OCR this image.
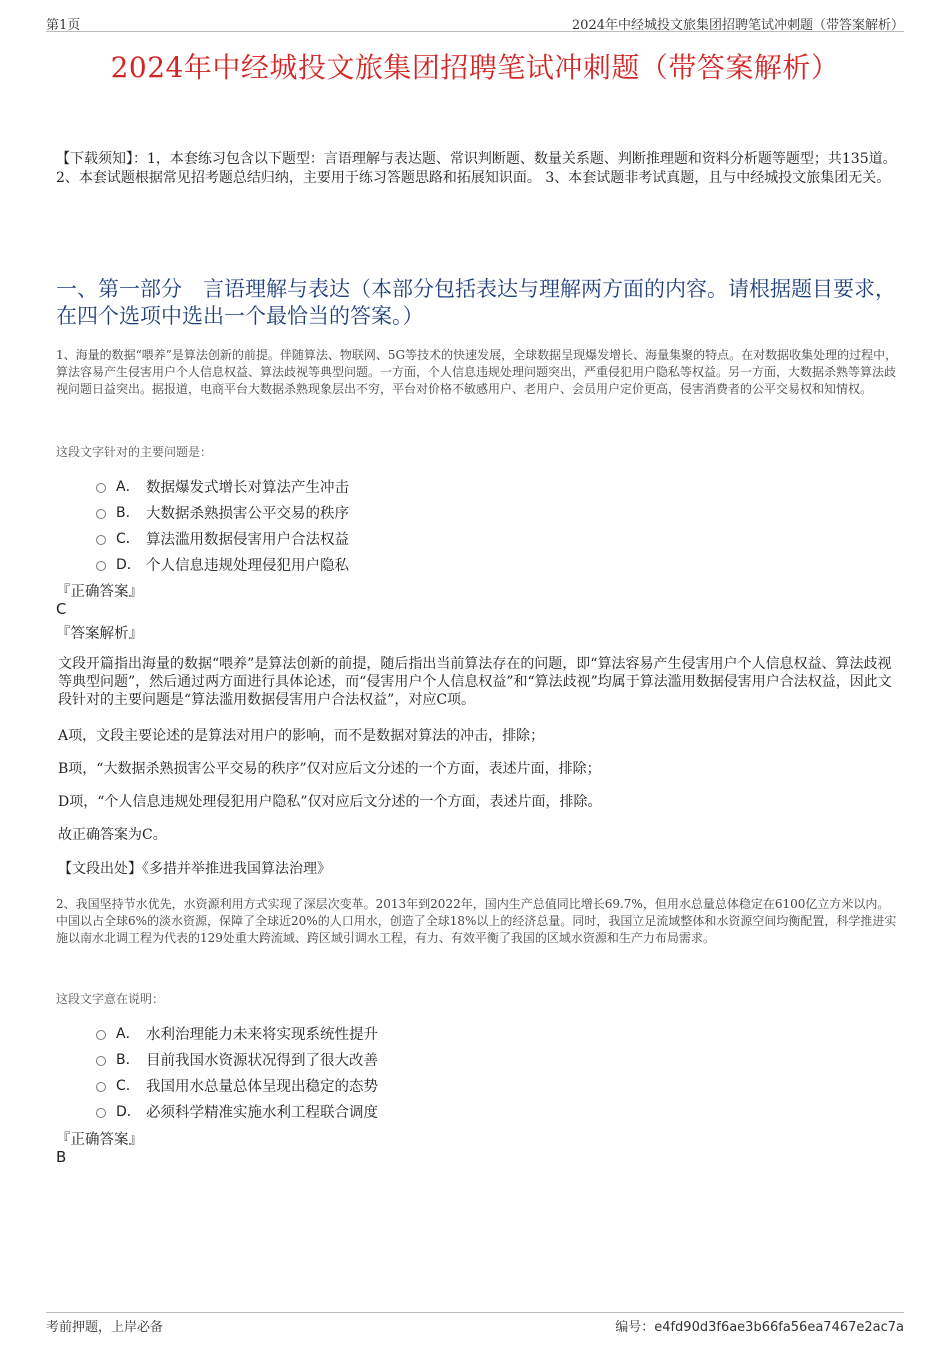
第1页	2024年中经城投文旅集团招聘笔试冲刺题（带答案解析）
2024年中经城投文旅集团招聘笔试冲刺题（带答案解析）
【下载须知】：1，本套练习包含以下题型：言语理解与表达题、常识判断题、数量关系题、判断推理题和资料分析题等题型；共135道。 2、本套试题根据常见招考题总结归纳，主要用于练习答题思路和拓展知识面。 3、本套试题非考试真题，且与中经城投文旅集团无关。
一、第一部分　言语理解与表达（本部分包括表达与理解两方面的内容。请根据题目要求，在四个选项中选出一个最恰当的答案。）
1、海量的数据“喂养”是算法创新的前提。伴随算法、物联网、5G等技术的快速发展，全球数据呈现爆发增长、海量集聚的特点。在对数据收集处理的过程中，算法容易产生侵害用户个人信息权益、算法歧视等典型问题。一方面，个人信息违规处理问题突出，严重侵犯用户隐私等权益。另一方面，大数据杀熟等算法歧视问题日益突出。据报道，电商平台大数据杀熟现象层出不穷，平台对价格不敏感用户、老用户、会员用户定价更高，侵害消费者的公平交易权和知情权。
这段文字针对的主要问题是：
A． 数据爆发式增长对算法产生冲击
B． 大数据杀熟损害公平交易的秩序
C． 算法滥用数据侵害用户合法权益
D． 个人信息违规处理侵犯用户隐私
『正确答案』
C
『答案解析』
文段开篇指出海量的数据“喂养”是算法创新的前提，随后指出当前算法存在的问题，即“算法容易产生侵害用户个人信息权益、算法歧视等典型问题”，然后通过两方面进行具体论述，而“侵害用户个人信息权益”和“算法歧视”均属于算法滥用数据侵害用户合法权益，因此文段针对的主要问题是“算法滥用数据侵害用户合法权益”，对应C项。
A项，文段主要论述的是算法对用户的影响，而不是数据对算法的冲击，排除；
B项，“大数据杀熟损害公平交易的秩序”仅对应后文分述的一个方面，表述片面，排除；
D项，“个人信息违规处理侵犯用户隐私”仅对应后文分述的一个方面，表述片面，排除。
故正确答案为C。
【文段出处】《多措并举推进我国算法治理》
2、我国坚持节水优先，水资源利用方式实现了深层次变革。2013年到2022年，国内生产总值同比增长69.7%，但用水总量总体稳定在6100亿立方米以内。中国以占全球6%的淡水资源，保障了全球近20%的人口用水，创造了全球18%以上的经济总量。同时，我国立足流域整体和水资源空间均衡配置，科学推进实施以南水北调工程为代表的129处重大跨流域、跨区域引调水工程，有力、有效平衡了我国的区域水资源和生产力布局需求。
这段文字意在说明：
A． 水利治理能力未来将实现系统性提升
B． 目前我国水资源状况得到了很大改善
C． 我国用水总量总体呈现出稳定的态势
D． 必须科学精准实施水利工程联合调度
『正确答案』
B
考前押题，上岸必备	编号：e4fd90d3f6ae3b66fa56ea7467e2ac7a
